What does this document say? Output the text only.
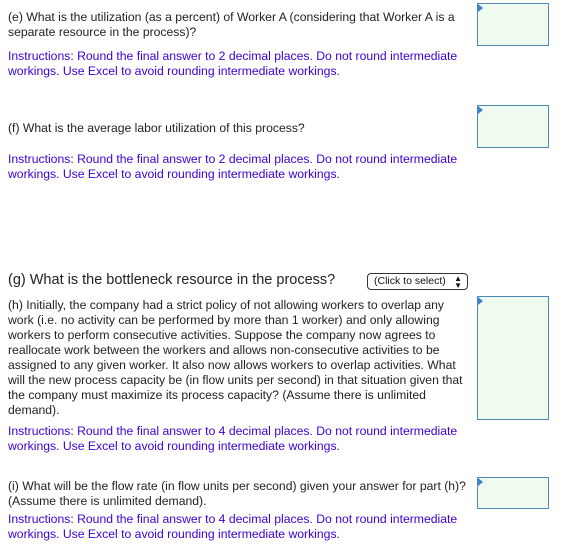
(e) What is the utilization (as a percent) of Worker A (considering that Worker A is a separate resource in the process)?

Instructions: Round the final answer to 2 decimal places. Do not round intermediate workings. Use Excel to avoid rounding intermediate workings.

(f) What is the average labor utilization of this process?

Instructions: Round the final answer to 2 decimal places. Do not round intermediate workings. Use Excel to avoid rounding intermediate workings.
(g) What is the bottleneck resource in the process?	(Click to select) ▲
▼

(h) Initially, the company had a strict policy of not allowing workers to overlap any work (i.e. no activity can be performed by more than 1 worker) and only allowing workers to perform consecutive activities. Suppose the company now agrees to reallocate work between the workers and allows non-consecutive activities to be assigned to any given worker. It also now allows workers to overlap activities. What will the new process capacity be (in flow units per second) in that situation given that the company must maximize its process capacity? (Assume there is unlimited demand).

Instructions: Round the final answer to 4 decimal places. Do not round intermediate workings. Use Excel to avoid rounding intermediate workings.

(i) What will be the flow rate (in flow units per second) given your answer for part (h)? (Assume there is unlimited demand).

Instructions: Round the final answer to 4 decimal places. Do not round intermediate workings. Use Excel to avoid rounding intermediate workings.
